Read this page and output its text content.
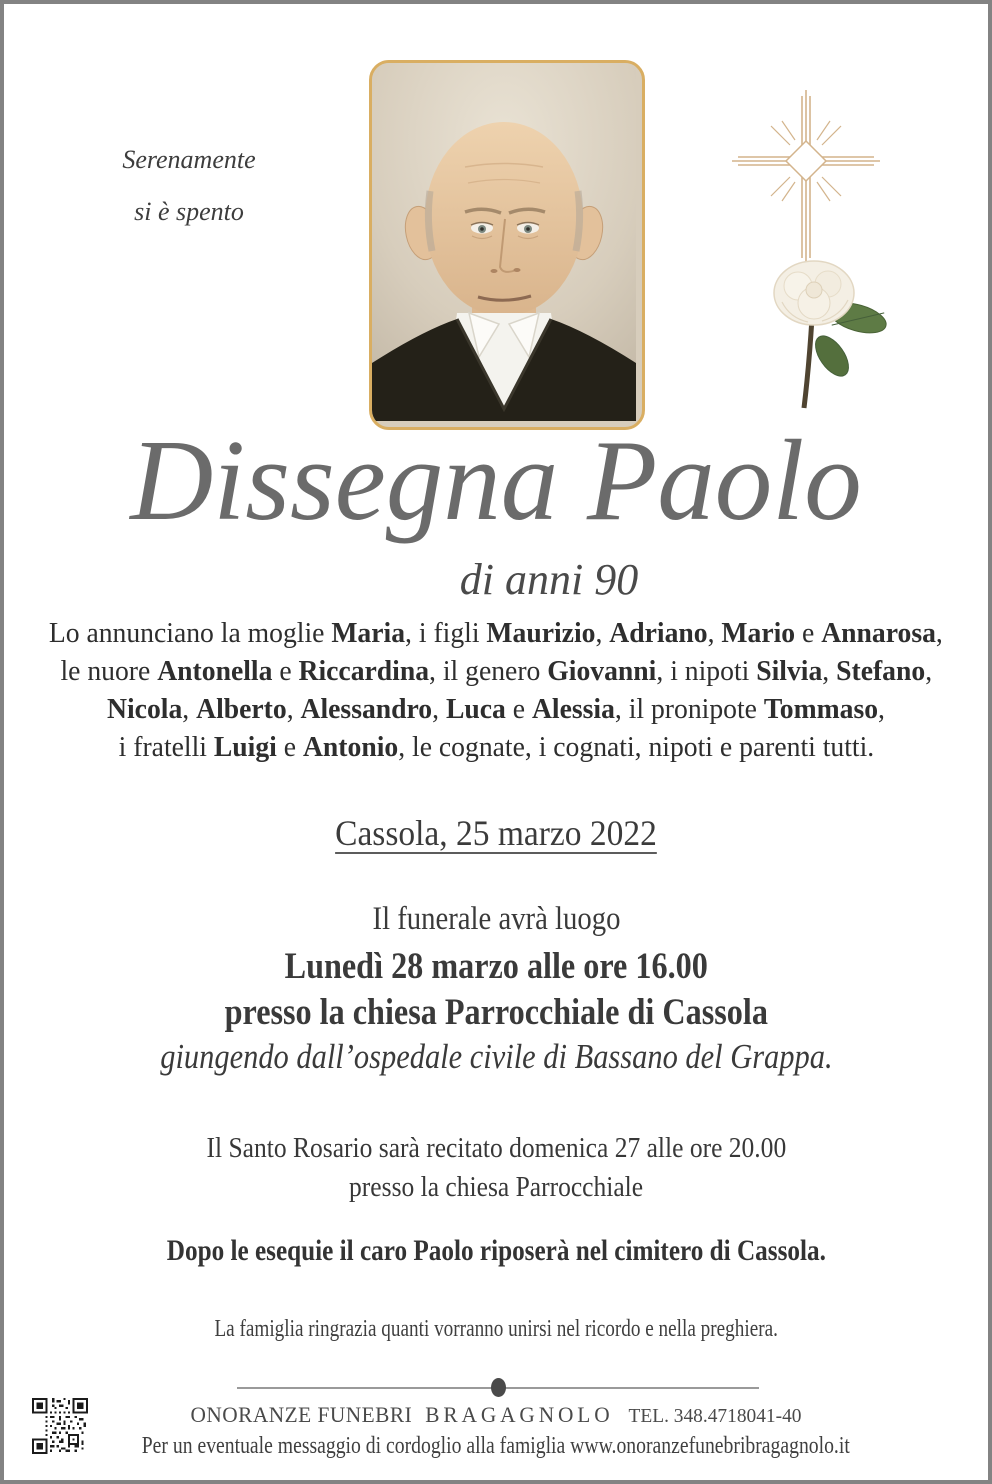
Serenamente
si è spento
Dissegna Paolo
di anni 90
Lo annunciano la moglie Maria, i figli Maurizio, Adriano, Mario e Annarosa,
le nuore Antonella e Riccardina, il genero Giovanni, i nipoti Silvia, Stefano,
Nicola, Alberto, Alessandro, Luca e Alessia, il pronipote Tommaso,
i fratelli Luigi e Antonio, le cognate, i cognati, nipoti e parenti tutti.
Cassola, 25 marzo 2022
Il funerale avrà luogo
Lunedì 28 marzo alle ore 16.00
presso la chiesa Parrocchiale di Cassola
giungendo dall’ospedale civile di Bassano del Grappa.
Il Santo Rosario sarà recitato domenica 27 alle ore 20.00
presso la chiesa Parrocchiale
Dopo le esequie il caro Paolo riposerà nel cimitero di Cassola.
La famiglia ringrazia quanti vorranno unirsi nel ricordo e nella preghiera.
ONORANZE FUNEBRI BRAGAGNOLO TEL. 348.4718041-40
Per un eventuale messaggio di cordoglio alla famiglia www.onoranzefunebribragagnolo.it
